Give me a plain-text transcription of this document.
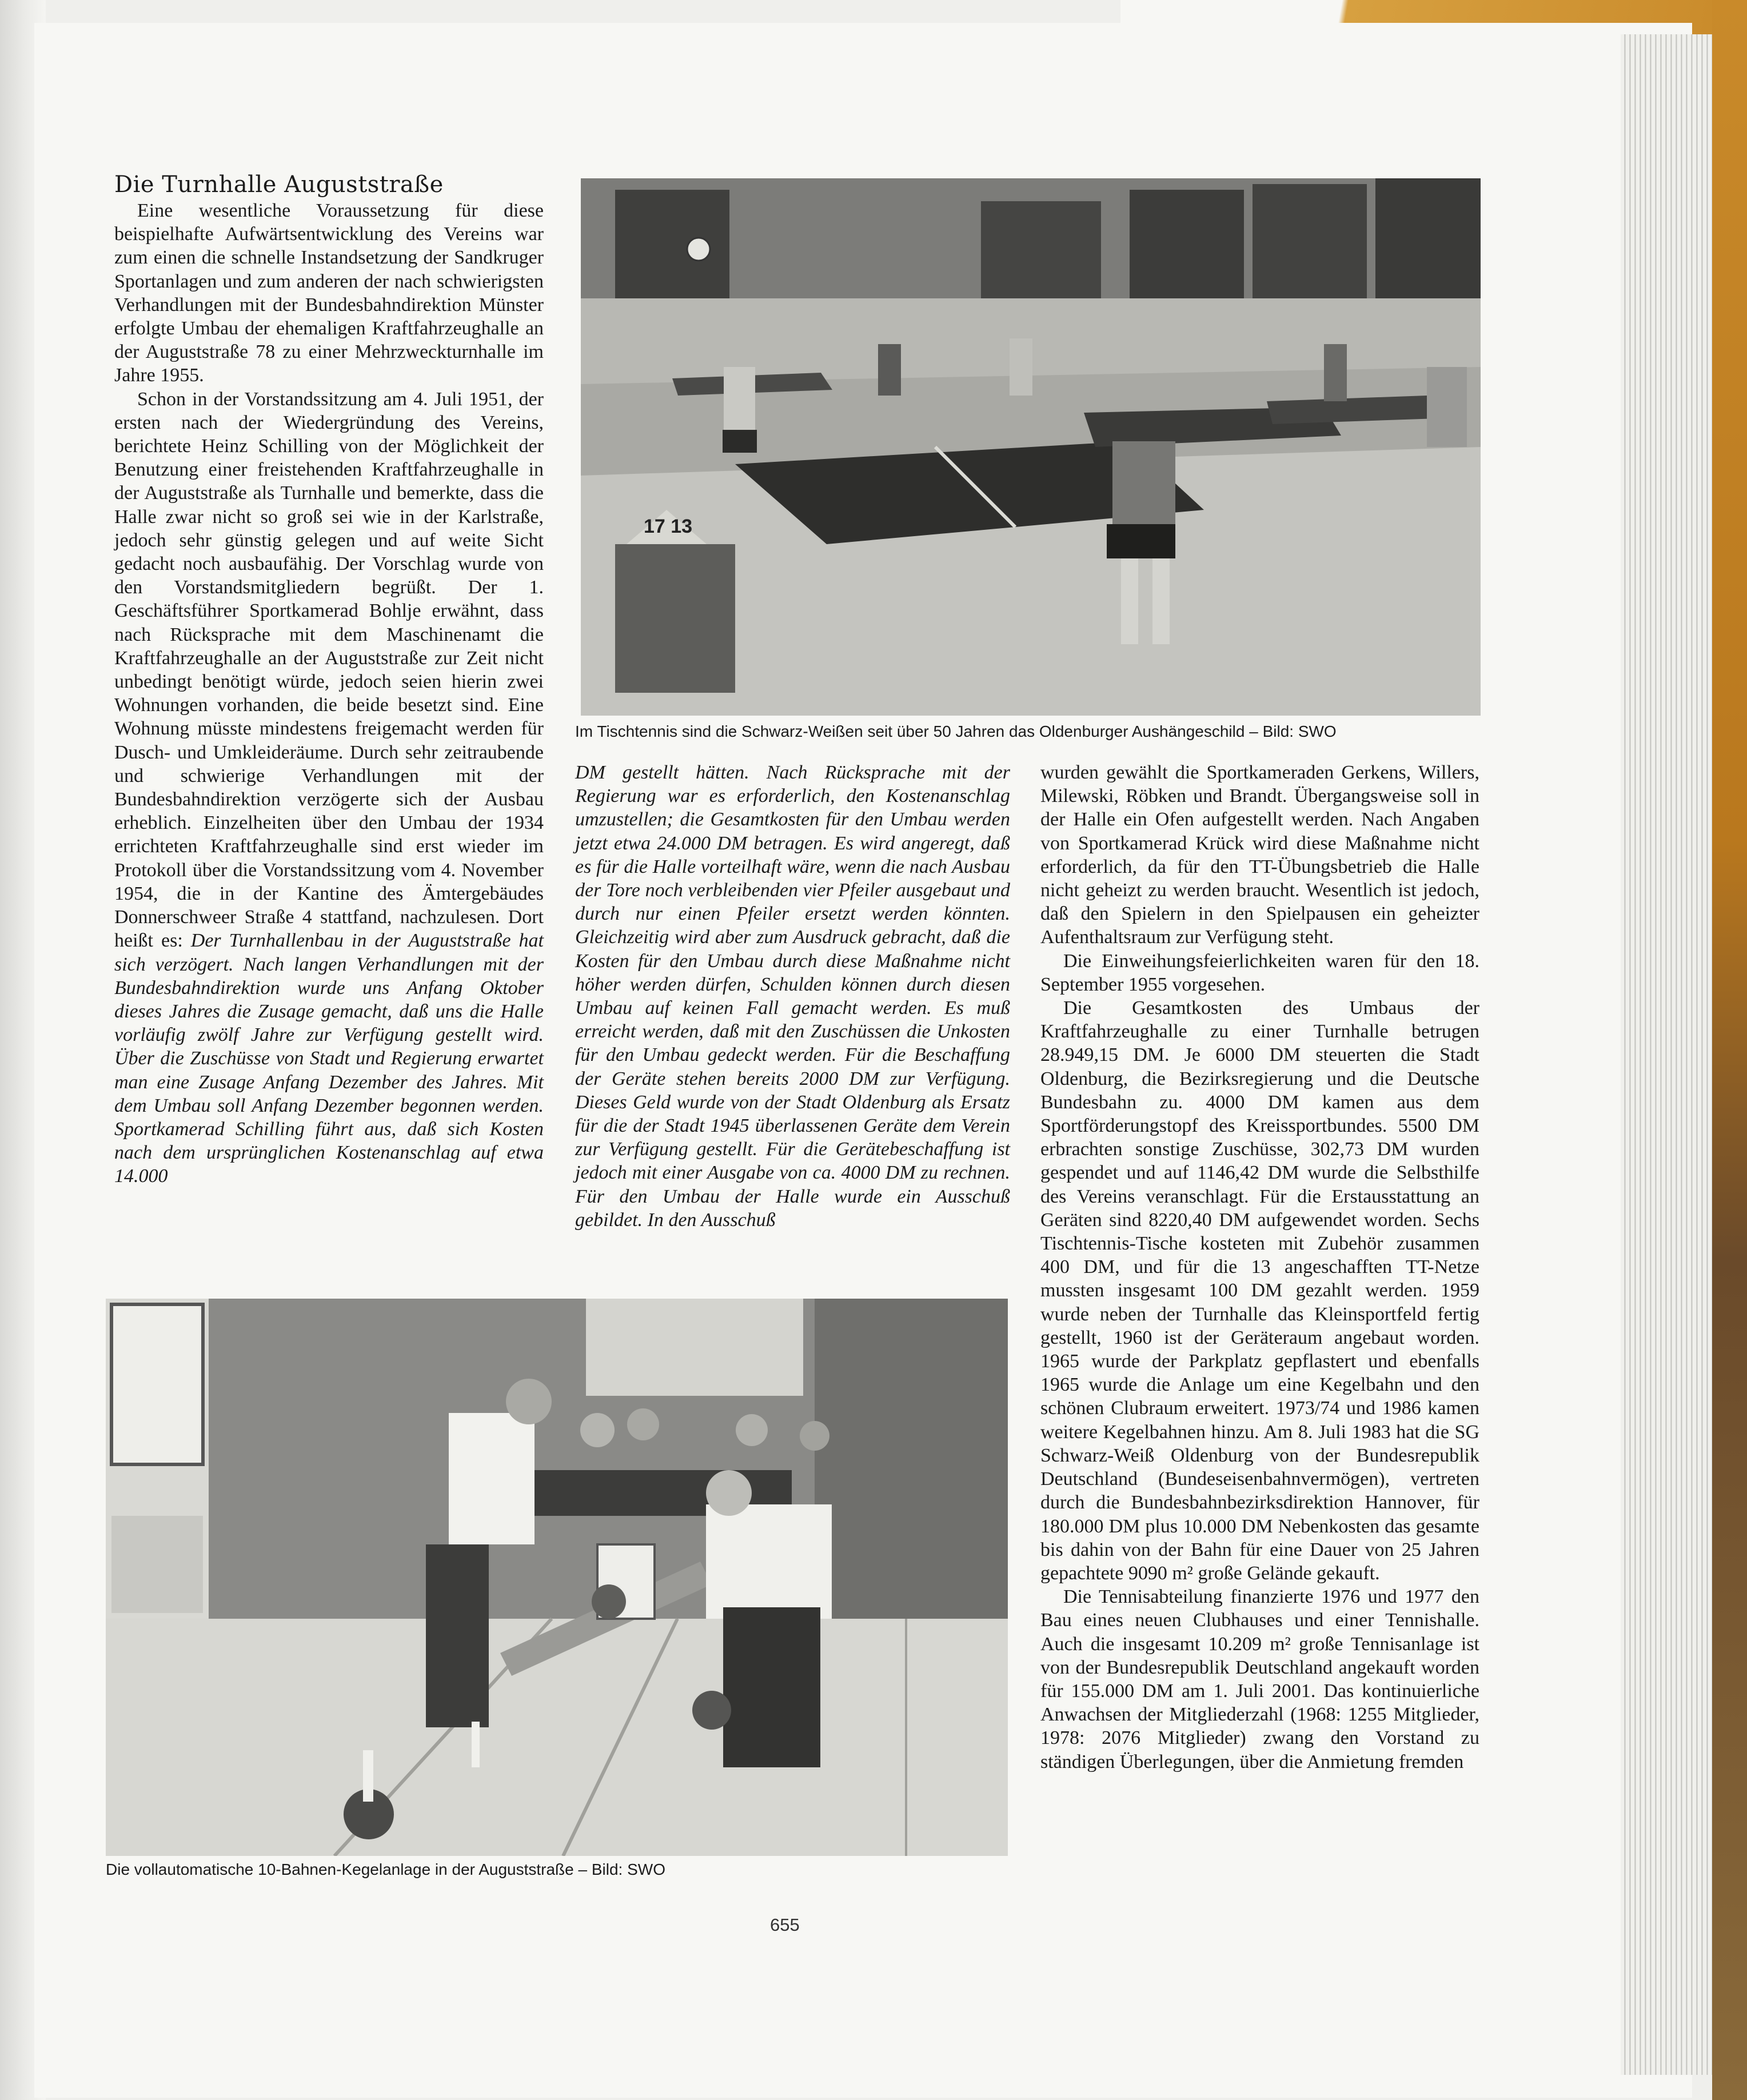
Die Turnhalle Auguststraße

Eine wesentliche Voraussetzung für diese beispielhafte Aufwärtsentwicklung des Vereins war zum einen die schnelle Instandsetzung der Sandkruger Sportanlagen und zum anderen der nach schwierigsten Verhandlungen mit der Bundesbahndirektion Münster erfolgte Umbau der ehemaligen Kraftfahrzeughalle an der Auguststraße 78 zu einer Mehrzweckturnhalle im Jahre 1955.

Schon in der Vorstandssitzung am 4. Juli 1951, der ersten nach der Wiedergründung des Vereins, berichtete Heinz Schilling von der Möglichkeit der Benutzung einer freistehenden Kraftfahrzeughalle in der Auguststraße als Turnhalle und bemerkte, dass die Halle zwar nicht so groß sei wie in der Karlstraße, jedoch sehr günstig gelegen und auf weite Sicht gedacht noch ausbaufähig. Der Vorschlag wurde von den Vorstandsmitgliedern begrüßt. Der 1. Geschäftsführer Sportkamerad Bohlje erwähnt, dass nach Rücksprache mit dem Maschinenamt die Kraftfahrzeughalle an der Auguststraße zur Zeit nicht unbedingt benötigt würde, jedoch seien hierin zwei Wohnungen vorhanden, die beide besetzt sind. Eine Wohnung müsste mindestens freigemacht werden für Dusch- und Umkleideräume. Durch sehr zeitraubende und schwierige Verhandlungen mit der Bundesbahndirektion verzögerte sich der Ausbau erheblich. Einzelheiten über den Umbau der 1934 errichteten Kraftfahrzeughalle sind erst wieder im Protokoll über die Vorstandssitzung vom 4. November 1954, die in der Kantine des Ämtergebäudes Donnerschweer Straße 4 stattfand, nachzulesen. Dort heißt es: Der Turnhallenbau in der Auguststraße hat sich verzögert. Nach langen Verhandlungen mit der Bundesbahndirektion wurde uns Anfang Oktober dieses Jahres die Zusage gemacht, daß uns die Halle vorläufig zwölf Jahre zur Verfügung gestellt wird. Über die Zuschüsse von Stadt und Regierung erwartet man eine Zusage Anfang Dezember des Jahres. Mit dem Umbau soll Anfang Dezember begonnen werden. Sportkamerad Schilling führt aus, daß sich Kosten nach dem ursprünglichen Kostenanschlag auf etwa 14.000

DM gestellt hätten. Nach Rücksprache mit der Regierung war es erforderlich, den Kostenanschlag umzustellen; die Gesamtkosten für den Umbau werden jetzt etwa 24.000 DM betragen. Es wird angeregt, daß es für die Halle vorteilhaft wäre, wenn die nach Ausbau der Tore noch verbleibenden vier Pfeiler ausgebaut und durch nur einen Pfeiler ersetzt werden könnten. Gleichzeitig wird aber zum Ausdruck gebracht, daß die Kosten für den Umbau durch diese Maßnahme nicht höher werden dürfen, Schulden können durch diesen Umbau auf keinen Fall gemacht werden. Es muß erreicht werden, daß mit den Zuschüssen die Unkosten für den Umbau gedeckt werden. Für die Beschaffung der Geräte stehen bereits 2000 DM zur Verfügung. Dieses Geld wurde von der Stadt Oldenburg als Ersatz für die der Stadt 1945 überlassenen Geräte dem Verein zur Verfügung gestellt. Für die Gerätebeschaffung ist jedoch mit einer Ausgabe von ca. 4000 DM zu rechnen. Für den Umbau der Halle wurde ein Ausschuß gebildet. In den Ausschuß

wurden gewählt die Sportkameraden Gerkens, Willers, Milewski, Röbken und Brandt. Übergangsweise soll in der Halle ein Ofen aufgestellt werden. Nach Angaben von Sportkamerad Krück wird diese Maßnahme nicht erforderlich, da für den TT-Übungsbetrieb die Halle nicht geheizt zu werden braucht. Wesentlich ist jedoch, daß den Spielern in den Spielpausen ein geheizter Aufenthaltsraum zur Verfügung steht.

Die Einweihungsfeierlichkeiten waren für den 18. September 1955 vorgesehen.

Die Gesamtkosten des Umbaus der Kraftfahrzeughalle zu einer Turnhalle betrugen 28.949,15 DM. Je 6000 DM steuerten die Stadt Oldenburg, die Bezirksregierung und die Deutsche Bundesbahn zu. 4000 DM kamen aus dem Sportförderungstopf des Kreissportbundes. 5500 DM erbrachten sonstige Zuschüsse, 302,73 DM wurden gespendet und auf 1146,42 DM wurde die Selbsthilfe des Vereins veranschlagt. Für die Erstausstattung an Geräten sind 8220,40 DM aufgewendet worden. Sechs Tischtennis-Tische kosteten mit Zubehör zusammen 400 DM, und für die 13 angeschafften TT-Netze mussten insgesamt 100 DM gezahlt werden. 1959 wurde neben der Turnhalle das Kleinsportfeld fertig gestellt, 1960 ist der Geräteraum angebaut worden. 1965 wurde der Parkplatz gepflastert und ebenfalls 1965 wurde die Anlage um eine Kegelbahn und den schönen Clubraum erweitert. 1973/74 und 1986 kamen weitere Kegelbahnen hinzu. Am 8. Juli 1983 hat die SG Schwarz-Weiß Oldenburg von der Bundesrepublik Deutschland (Bundeseisenbahnvermögen), vertreten durch die Bundesbahnbezirksdirektion Hannover, für 180.000 DM plus 10.000 DM Nebenkosten das gesamte bis dahin von der Bahn für eine Dauer von 25 Jahren gepachtete 9090 m² große Gelände gekauft.

Die Tennisabteilung finanzierte 1976 und 1977 den Bau eines neuen Clubhauses und einer Tennishalle. Auch die insgesamt 10.209 m² große Tennisanlage ist von der Bundesrepublik Deutschland angekauft worden für 155.000 DM am 1. Juli 2001. Das kontinuierliche Anwachsen der Mitgliederzahl (1968: 1255 Mitglieder, 1978: 2076 Mitglieder) zwang den Vorstand zu ständigen Überlegungen, über die Anmietung fremden

17 13
Im Tischtennis sind die Schwarz-Weißen seit über 50 Jahren das Oldenburger Aushängeschild – Bild: SWO
Die vollautomatische 10-Bahnen-Kegelanlage in der Auguststraße – Bild: SWO
655
